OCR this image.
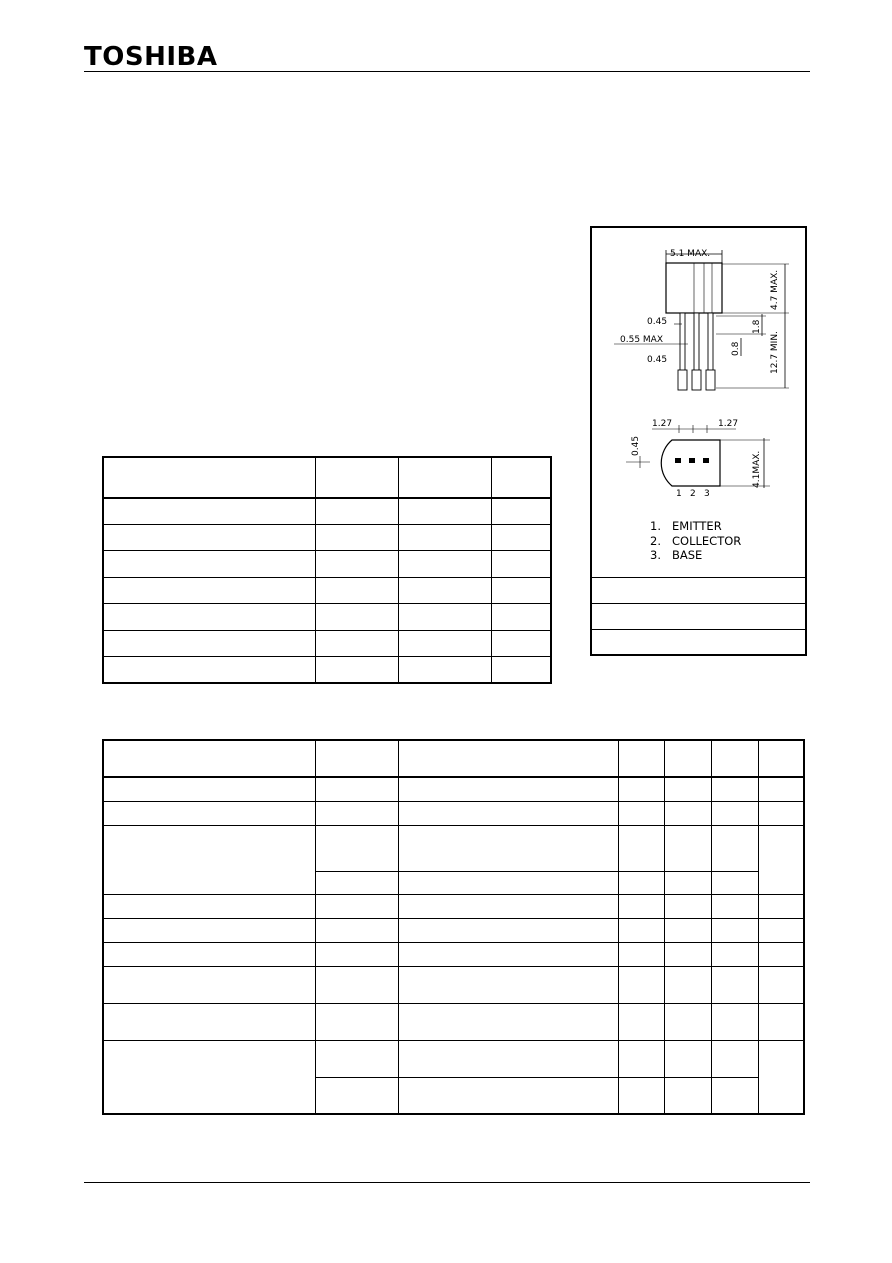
TOSHIBA
5.1 MAX.
4.7 MAX.
0.45
0.55 MAX
0.45
1.8
0.8	12.7 MIN.
1.27	1.27
0.45
4.1MAX.
1 2 3
1. EMITTER
2. COLLECTOR
3. BASE
